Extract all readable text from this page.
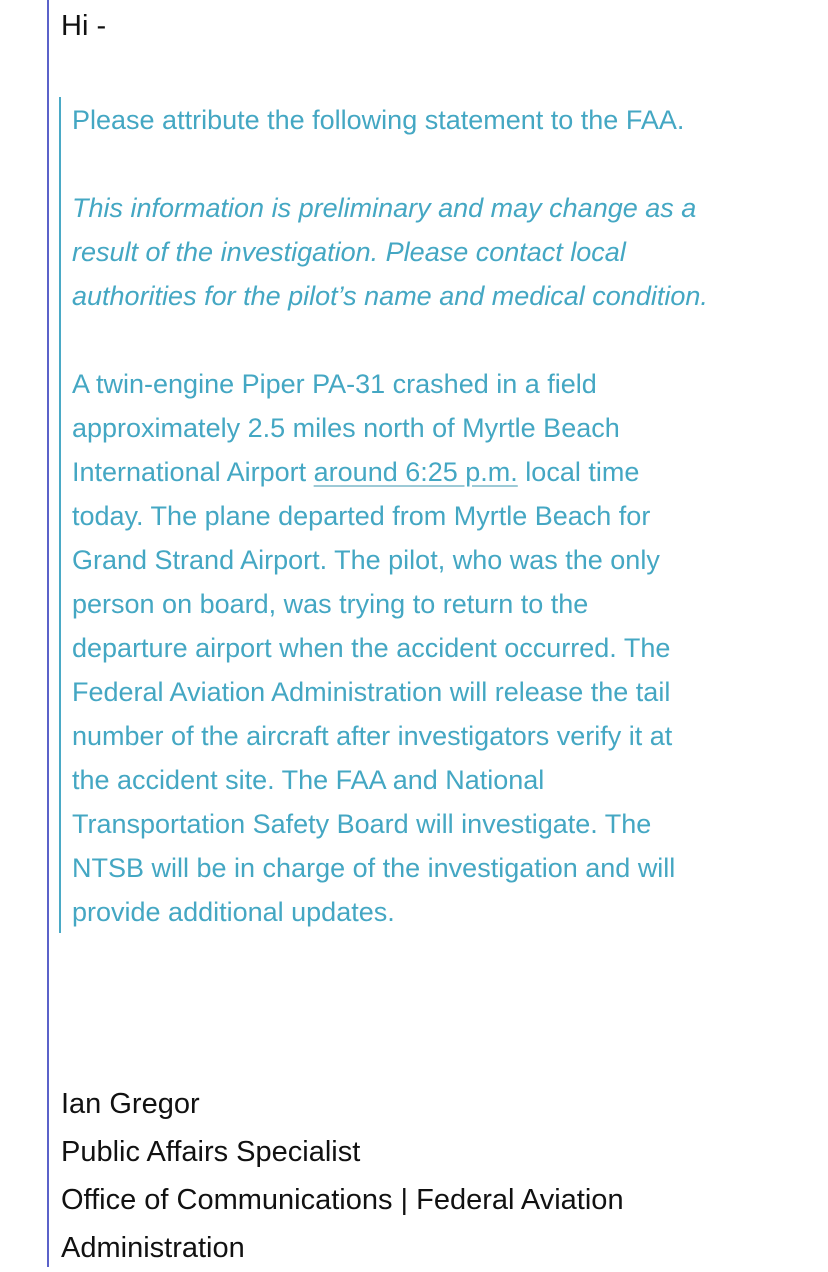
Hi -

Please attribute the following statement to the FAA.

This information is preliminary and may change as a

result of the investigation. Please contact local

authorities for the pilot’s name and medical condition.

A twin-engine Piper PA-31 crashed in a field

approximately 2.5 miles north of Myrtle Beach

International Airport around 6:25 p.m. local time

today. The plane departed from Myrtle Beach for

Grand Strand Airport. The pilot, who was the only

person on board, was trying to return to the

departure airport when the accident occurred. The

Federal Aviation Administration will release the tail

number of the aircraft after investigators verify it at

the accident site. The FAA and National

Transportation Safety Board will investigate. The

NTSB will be in charge of the investigation and will

provide additional updates.

Ian Gregor
Public Affairs Specialist
Office of Communications | Federal Aviation
Administration
